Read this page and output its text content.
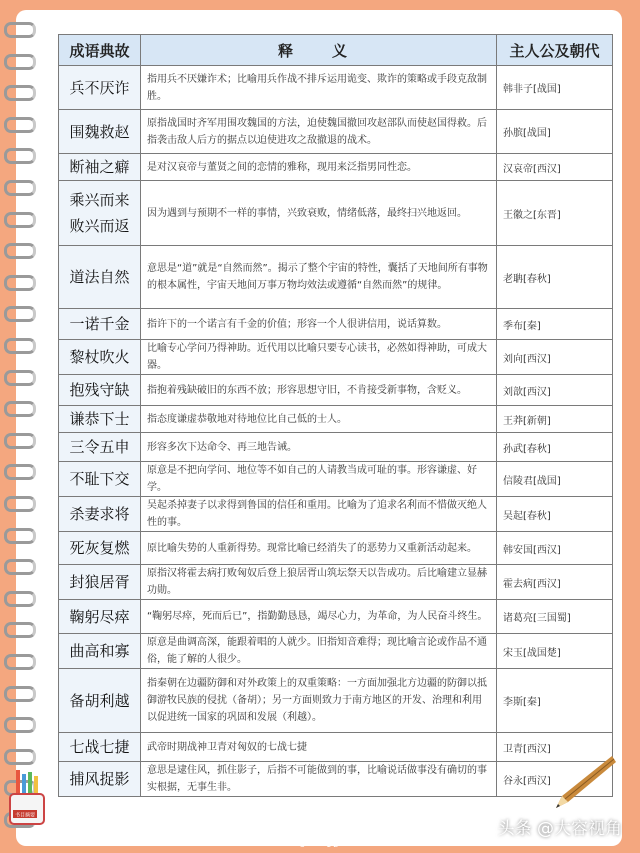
成语典故	释　义	主人公及朝代

兵不厌诈	指用兵不厌嫌诈术；比喻用兵作战不排斥运用诡变、欺诈的策略或手段克敌制胜。	韩非子[战国]

围魏救赵	原指战国时齐军用围攻魏国的方法，迫使魏国撤回攻赵部队而使赵国得救。后指袭击敌人后方的据点以迫使进攻之敌撤退的战术。	孙膑[战国]

断袖之癖	是对汉哀帝与董贤之间的恋情的雅称，现用来泛指男同性恋。	汉哀帝[西汉]

乘兴而来
败兴而返	因为遇到与预期不一样的事情，兴致衰败，情绪低落，最终扫兴地返回。	王徽之[东晋]

道法自然	意思是“道”就是“自然而然”。揭示了整个宇宙的特性，囊括了天地间所有事物的根本属性，宇宙天地间万事万物均效法或遵循“自然而然”的规律。	老聃[春秋]

一诺千金	指许下的一个诺言有千金的价值；形容一个人很讲信用，说话算数。	季布[秦]

黎杖吹火	比喻专心学问乃得神助。近代用以比喻只要专心读书，必然如得神助，可成大器。	刘向[西汉]

抱残守缺	指抱着残缺破旧的东西不放；形容思想守旧，不肯接受新事物，含贬义。	刘歆[西汉]

谦恭下士	指态度谦虚恭敬地对待地位比自己低的士人。	王莽[新朝]

三令五申	形容多次下达命令、再三地告诫。	孙武[春秋]

不耻下交	原意是不把向学问、地位等不如自己的人请教当成可耻的事。形容谦虚、好学。	信陵君[战国]

杀妻求将	吴起杀掉妻子以求得到鲁国的信任和重用。比喻为了追求名利而不惜做灭绝人性的事。	吴起[春秋]

死灰复燃	原比喻失势的人重新得势。现常比喻已经消失了的恶势力又重新活动起来。	韩安国[西汉]

封狼居胥	原指汉将霍去病打败匈奴后登上狼居胥山筑坛祭天以告成功。后比喻建立显赫功勋。	霍去病[西汉]

鞠躬尽瘁	“鞠躬尽瘁，死而后已”，指勤勤恳恳，竭尽心力，为革命，为人民奋斗终生。	诸葛亮[三国蜀]

曲高和寡	原意是曲调高深，能跟着唱的人就少。旧指知音难得；现比喻言论或作品不通俗，能了解的人很少。	宋玉[战国楚]

备胡利越	指秦朝在边疆防御和对外政策上的双重策略：一方面加强北方边疆的防御以抵御游牧民族的侵扰（备胡）；另一方面则致力于南方地区的开发、治理和利用以促进统一国家的巩固和发展（利越）。	李斯[秦]

七战七捷	武帝时期战神卫青对匈奴的七战七捷	卫青[西汉]

捕风捉影	意思是逮住风，抓住影子，后指不可能做到的事，比喻说话做事没有确切的事实根据，无事生非。	谷永[西汉]
书目摘要
3 — 12
头条 @大容视角
